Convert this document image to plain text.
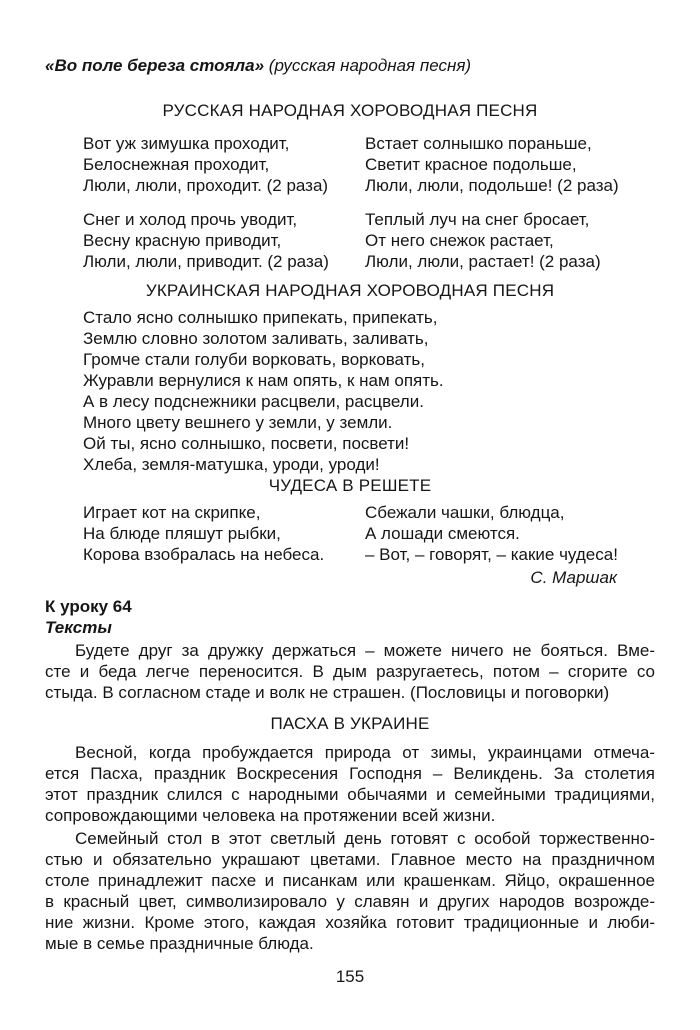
«Во поле береза стояла» (русская народная песня)
РУССКАЯ НАРОДНАЯ ХОРОВОДНАЯ ПЕСНЯ
Вот уж зимушка проходит,
Белоснежная проходит,
Люли, люли, проходит. (2 раза)
Снег и холод прочь уводит,
Весну красную приводит,
Люли, люли, приводит. (2 раза)
Встает солнышко пораньше,
Светит красное подольше,
Люли, люли, подольше! (2 раза)
Теплый луч на снег бросает,
От него снежок растает,
Люли, люли, растает! (2 раза)
УКРАИНСКАЯ НАРОДНАЯ ХОРОВОДНАЯ ПЕСНЯ
Стало ясно солнышко припекать, припекать,
Землю словно золотом заливать, заливать,
Громче стали голуби ворковать, ворковать,
Журавли вернулися к нам опять, к нам опять.
А в лесу подснежники расцвели, расцвели.
Много цвету вешнего у земли, у земли.
Ой ты, ясно солнышко, посвети, посвети!
Хлеба, земля-матушка, уроди, уроди!
ЧУДЕСА В РЕШЕТЕ
Играет кот на скрипке,
На блюде пляшут рыбки,
Корова взобралась на небеса.
Сбежали чашки, блюдца,
А лошади смеются.
– Вот, – говорят, – какие чудеса!
С. Маршак
К уроку 64
Тексты
Будете друг за дружку держаться – можете ничего не бояться. Вме-
сте и беда легче переносится. В дым разругаетесь, потом – сгорите со
стыда. В согласном стаде и волк не страшен. (Пословицы и поговорки)
ПАСХА В УКРАИНЕ
Весной, когда пробуждается природа от зимы, украинцами отмеча-
ется Пасха, праздник Воскресения Господня – Великдень. За столетия
этот праздник слился с народными обычаями и семейными традициями,
сопровождающими человека на протяжении всей жизни.
Семейный стол в этот светлый день готовят с особой торжественно-
стью и обязательно украшают цветами. Главное место на праздничном
столе принадлежит пасхе и писанкам или крашенкам. Яйцо, окрашенное
в красный цвет, символизировало у славян и других народов возрожде-
ние жизни. Кроме этого, каждая хозяйка готовит традиционные и люби-
мые в семье праздничные блюда.
155
